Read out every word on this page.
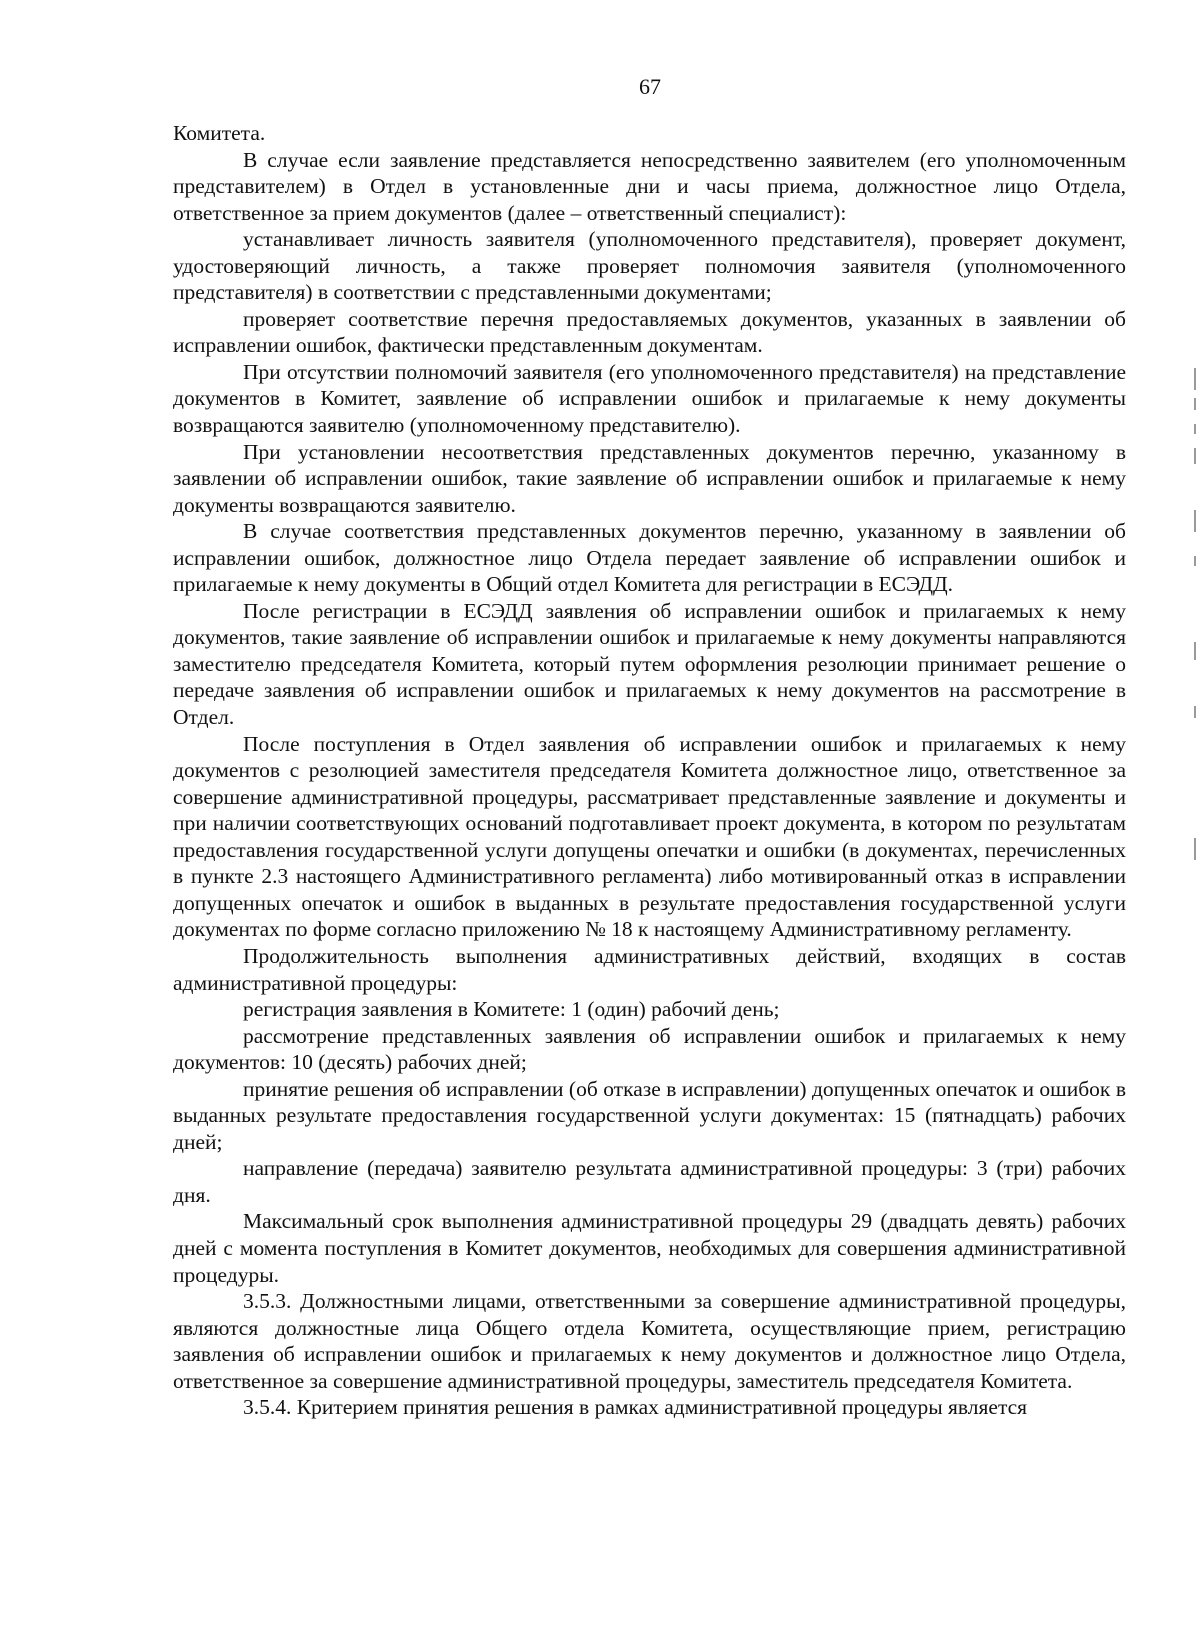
67

Комитета.

В случае если заявление представляется непосредственно заявителем (его уполномоченным представителем) в Отдел в установленные дни и часы приема, должностное лицо Отдела, ответственное за прием документов (далее – ответственный специалист):

устанавливает личность заявителя (уполномоченного представителя), проверяет документ, удостоверяющий личность, а также проверяет полномочия заявителя (уполномоченного представителя) в соответствии с представленными документами;

проверяет соответствие перечня предоставляемых документов, указанных в заявлении об исправлении ошибок, фактически представленным документам.

При отсутствии полномочий заявителя (его уполномоченного представителя) на представление документов в Комитет, заявление об исправлении ошибок и прилагаемые к нему документы возвращаются заявителю (уполномоченному представителю).

При установлении несоответствия представленных документов перечню, указанному в заявлении об исправлении ошибок, такие заявление об исправлении ошибок и прилагаемые к нему документы возвращаются заявителю.

В случае соответствия представленных документов перечню, указанному в заявлении об исправлении ошибок, должностное лицо Отдела передает заявление об исправлении ошибок и прилагаемые к нему документы в Общий отдел Комитета для регистрации в ЕСЭДД.

После регистрации в ЕСЭДД заявления об исправлении ошибок и прилагаемых к нему документов, такие заявление об исправлении ошибок и прилагаемые к нему документы направляются заместителю председателя Комитета, который путем оформления резолюции принимает решение о передаче заявления об исправлении ошибок и прилагаемых к нему документов на рассмотрение в Отдел.

После поступления в Отдел заявления об исправлении ошибок и прилагаемых к нему документов с резолюцией заместителя председателя Комитета должностное лицо, ответственное за совершение административной процедуры, рассматривает представленные заявление и документы и при наличии соответствующих оснований подготавливает проект документа, в котором по результатам предоставления государственной услуги допущены опечатки и ошибки (в документах, перечисленных в пункте 2.3 настоящего Административного регламента) либо мотивированный отказ в исправлении допущенных опечаток и ошибок в выданных в результате предоставления государственной услуги документах по форме согласно приложению № 18 к настоящему Административному регламенту.

Продолжительность выполнения административных действий, входящих в состав административной процедуры:

регистрация заявления в Комитете: 1 (один) рабочий день;

рассмотрение представленных заявления об исправлении ошибок и прилагаемых к нему документов: 10 (десять) рабочих дней;

принятие решения об исправлении (об отказе в исправлении) допущенных опечаток и ошибок в выданных результате предоставления государственной услуги документах: 15 (пятнадцать) рабочих дней;

направление (передача) заявителю результата административной процедуры: 3 (три) рабочих дня.

Максимальный срок выполнения административной процедуры 29 (двадцать девять) рабочих дней с момента поступления в Комитет документов, необходимых для совершения административной процедуры.

3.5.3. Должностными лицами, ответственными за совершение административной процедуры, являются должностные лица Общего отдела Комитета, осуществляющие прием, регистрацию заявления об исправлении ошибок и прилагаемых к нему документов и должностное лицо Отдела, ответственное за совершение административной процедуры, заместитель председателя Комитета.

3.5.4. Критерием принятия решения в рамках административной процедуры является
